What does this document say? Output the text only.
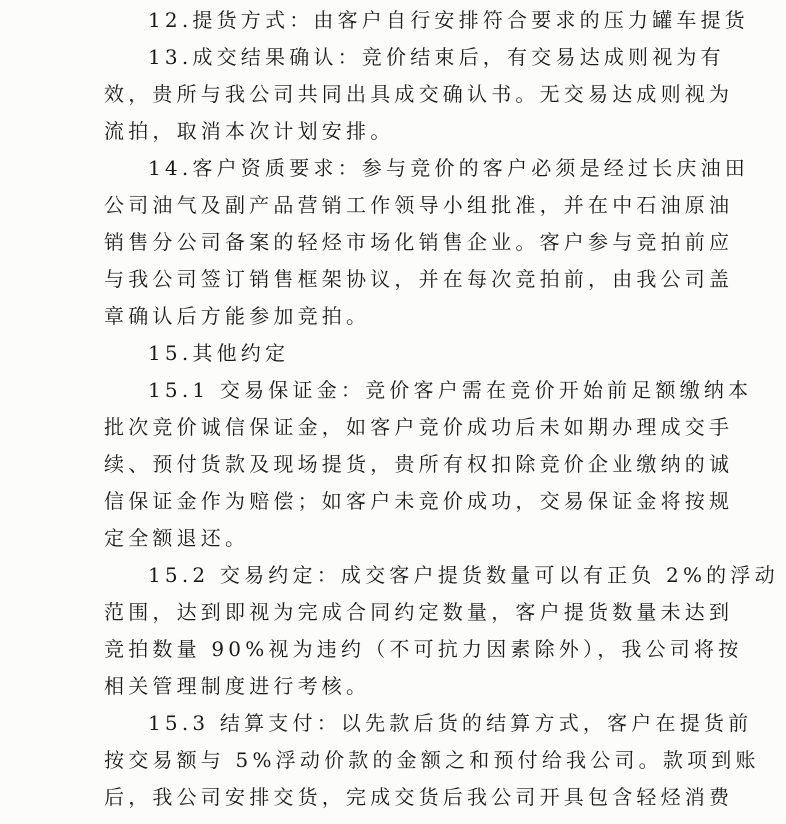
12.提货方式：由客户自行安排符合要求的压力罐车提货
13.成交结果确认：竞价结束后，有交易达成则视为有
效，贵所与我公司共同出具成交确认书。无交易达成则视为
流拍，取消本次计划安排。
14.客户资质要求：参与竞价的客户必须是经过长庆油田
公司油气及副产品营销工作领导小组批准，并在中石油原油
销售分公司备案的轻烃市场化销售企业。客户参与竞拍前应
与我公司签订销售框架协议，并在每次竞拍前，由我公司盖
章确认后方能参加竞拍。
15.其他约定
15.1 交易保证金：竞价客户需在竞价开始前足额缴纳本
批次竞价诚信保证金，如客户竞价成功后未如期办理成交手
续、预付货款及现场提货，贵所有权扣除竞价企业缴纳的诚
信保证金作为赔偿；如客户未竞价成功，交易保证金将按规
定全额退还。
15.2 交易约定：成交客户提货数量可以有正负 2%的浮动
范围，达到即视为完成合同约定数量，客户提货数量未达到
竞拍数量 90%视为违约（不可抗力因素除外），我公司将按
相关管理制度进行考核。
15.3 结算支付：以先款后货的结算方式，客户在提货前
按交易额与 5%浮动价款的金额之和预付给我公司。款项到账
后，我公司安排交货，完成交货后我公司开具包含轻烃消费
